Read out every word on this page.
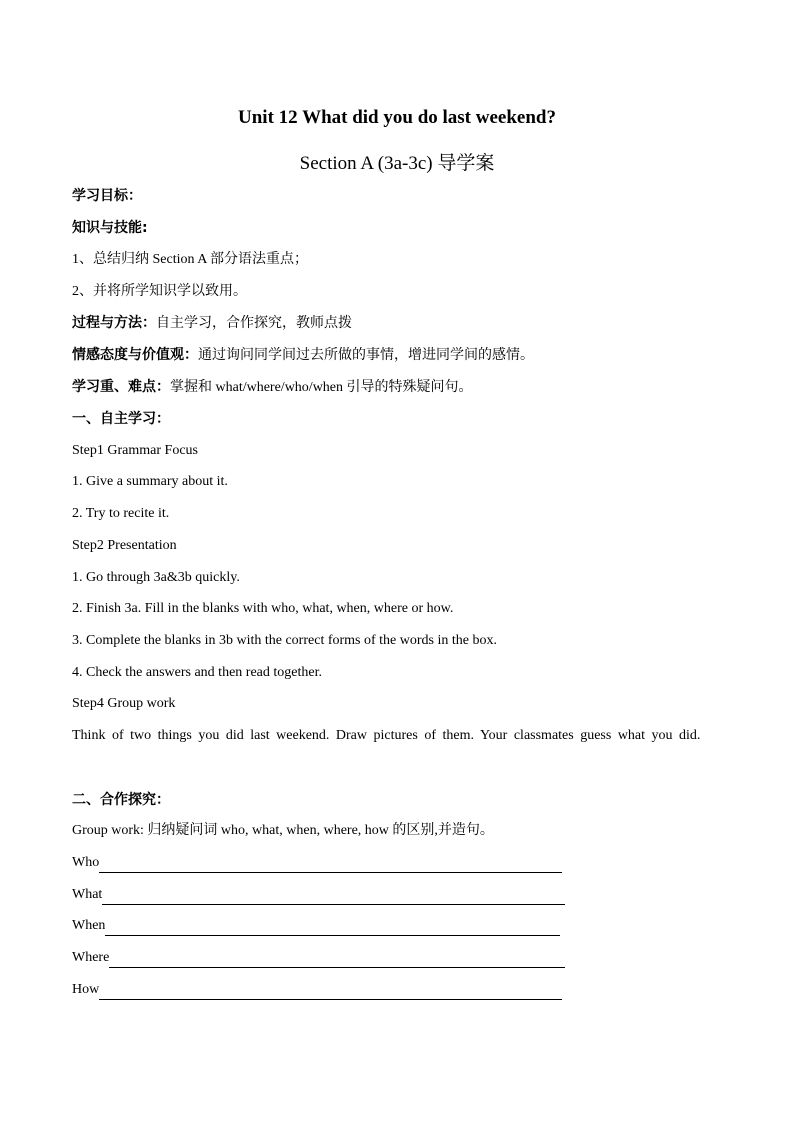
Unit 12 What did you do last weekend?
Section A (3a-3c) 导学案
学习目标：
知识与技能:
1、总结归纳 Section A 部分语法重点；
2、并将所学知识学以致用。
过程与方法：自主学习，合作探究，教师点拨
情感态度与价值观：通过询问同学间过去所做的事情，增进同学间的感情。
学习重、难点：掌握和 what/where/who/when 引导的特殊疑问句。
一、自主学习：
Step1 Grammar Focus
1. Give a summary about it.
2. Try to recite it.
Step2 Presentation
1. Go through 3a&3b quickly.
2. Finish 3a. Fill in the blanks with who, what, when, where or how.
3. Complete the blanks in 3b with the correct forms of the words in the box.
4. Check the answers and then read together.
Step4 Group work
Think of two things you did last weekend. Draw pictures of them. Your classmates guess what you did.
二、合作探究：
Group work: 归纳疑问词 who, what, when, where, how 的区别,并造句。
Who
What
When
Where
How
